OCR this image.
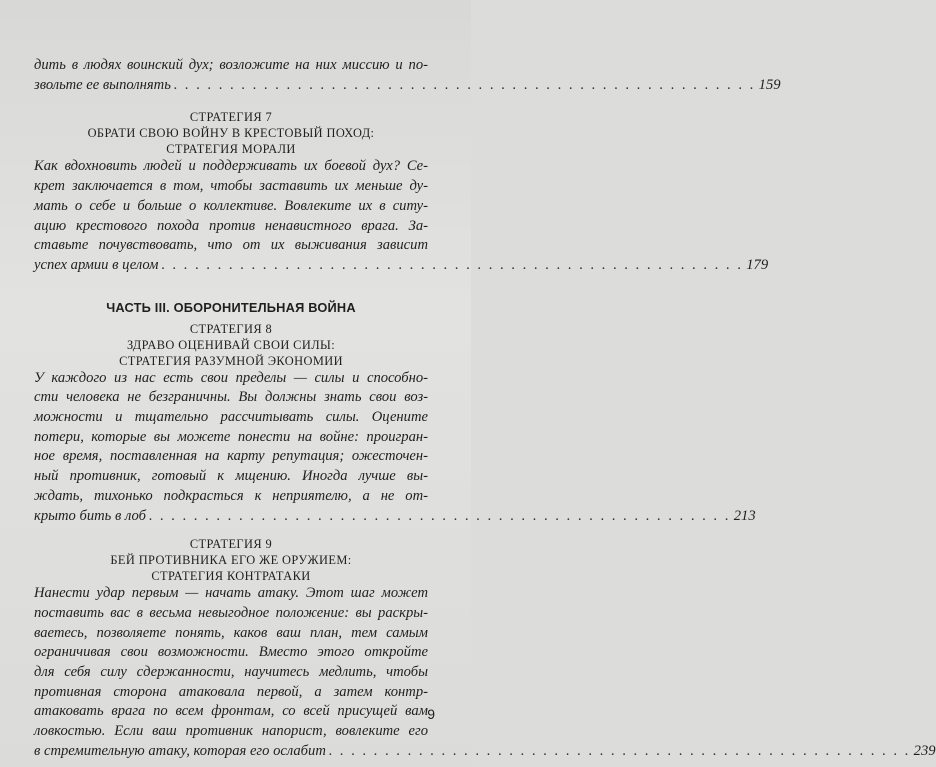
дить в людях воинский дух; возложите на них миссию и по-
звольте ее выполнять . . . . . . . . . . . . . . . . . . . . . . . . . . . . . . . . . . . . . . . . . . . . . . . . . . . . 159
СТРАТЕГИЯ 7
ОБРАТИ СВОЮ ВОЙНУ В КРЕСТОВЫЙ ПОХОД:
СТРАТЕГИЯ МОРАЛИ
Как вдохновить людей и поддерживать их боевой дух? Се-
крет заключается в том, чтобы заставить их меньше ду-
мать о себе и больше о коллективе. Вовлеките их в ситу-
ацию крестового похода против ненавистного врага. За-
ставьте почувствовать, что от их выживания зависит
успех армии в целом . . . . . . . . . . . . . . . . . . . . . . . . . . . . . . . . . . . . . . . . . . . . . . . . . . . . 179
ЧАСТЬ III. ОБОРОНИТЕЛЬНАЯ ВОЙНА
СТРАТЕГИЯ 8
ЗДРАВО ОЦЕНИВАЙ СВОИ СИЛЫ:
СТРАТЕГИЯ РАЗУМНОЙ ЭКОНОМИИ
У каждого из нас есть свои пределы — силы и способно-
сти человека не безграничны. Вы должны знать свои воз-
можности и тщательно рассчитывать силы. Оцените
потери, которые вы можете понести на войне: проигран-
ное время, поставленная на карту репутация; ожесточен-
ный противник, готовый к мщению. Иногда лучше вы-
ждать, тихонько подкрасться к неприятелю, а не от-
крыто бить в лоб . . . . . . . . . . . . . . . . . . . . . . . . . . . . . . . . . . . . . . . . . . . . . . . . . . . . 213
СТРАТЕГИЯ 9
БЕЙ ПРОТИВНИКА ЕГО ЖЕ ОРУЖИЕМ:
СТРАТЕГИЯ КОНТРАТАКИ
Нанести удар первым — начать атаку. Этот шаг может
поставить вас в весьма невыгодное положение: вы раскры-
ваетесь, позволяете понять, каков ваш план, тем самым
ограничивая свои возможности. Вместо этого откройте
для себя силу сдержанности, научитесь медлить, чтобы
противная сторона атаковала первой, а затем контр-
атаковать врага по всем фронтам, со всей присущей вам
ловкостью. Если ваш противник напорист, вовлеките его
в стремительную атаку, которая его ослабит . . . . . . . . . . . . . . . . . . . . . . . . . . . . . . . . . . . . . . . . . . . . . . . . . . . . 239
9
